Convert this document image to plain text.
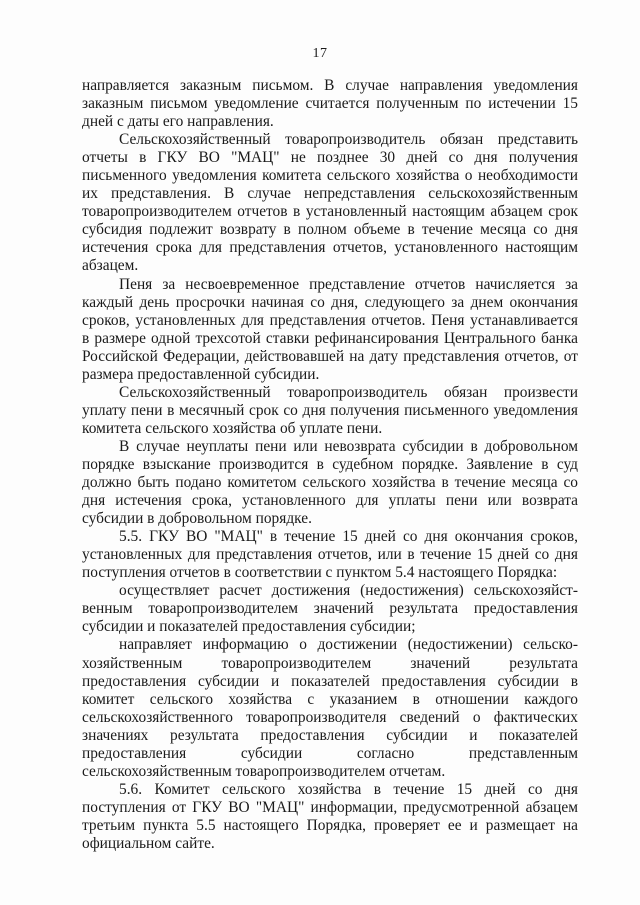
17

направляется заказным письмом. В случае направления уведомления заказным письмом уведомление считается полученным по истечении 15 дней с даты его направления.

Сельскохозяйственный товаропроизводитель обязан представить отчеты в ГКУ ВО "МАЦ" не позднее 30 дней со дня получения письменного уведомления комитета сельского хозяйства о необходимости их представления. В случае непредставления сельскохозяйственным товаропроизводителем отчетов в установленный настоящим абзацем срок субсидия подлежит возврату в полном объеме в течение месяца со дня истечения срока для представления отчетов, установленного настоящим абзацем.

Пеня за несвоевременное представление отчетов начисляется за каждый день просрочки начиная со дня, следующего за днем окончания сроков, установленных для представления отчетов. Пеня устанавливается в размере одной трехсотой ставки рефинансирования Центрального банка Российской Федерации, действовавшей на дату представления отчетов, от размера предоставленной субсидии.

Сельскохозяйственный товаропроизводитель обязан произвести уплату пени в месячный срок со дня получения письменного уведомления комитета сельского хозяйства об уплате пени.

В случае неуплаты пени или невозврата субсидии в добровольном порядке взыскание производится в судебном порядке. Заявление в суд должно быть подано комитетом сельского хозяйства в течение месяца со дня истечения срока, установленного для уплаты пени или возврата субсидии в добровольном порядке.

5.5. ГКУ ВО "МАЦ" в течение 15 дней со дня окончания сроков, установленных для представления отчетов, или в течение 15 дней со дня поступления отчетов в соответствии с пунктом 5.4 настоящего Порядка:

осуществляет расчет достижения (недостижения) сельскохозяйст-венным товаропроизводителем значений результата предоставления субсидии и показателей предоставления субсидии;

направляет информацию о достижении (недостижении) сельско-хозяйственным товаропроизводителем значений результата предоставления субсидии и показателей предоставления субсидии в комитет сельского хозяйства с указанием в отношении каждого сельскохозяйственного товаропроизводителя сведений о фактических значениях результата предоставления субсидии и показателей предоставления субсидии согласно представленным сельскохозяйственным товаропроизводителем отчетам.

5.6. Комитет сельского хозяйства в течение 15 дней со дня поступления от ГКУ ВО "МАЦ" информации, предусмотренной абзацем третьим пункта 5.5 настоящего Порядка, проверяет ее и размещает на официальном сайте.
